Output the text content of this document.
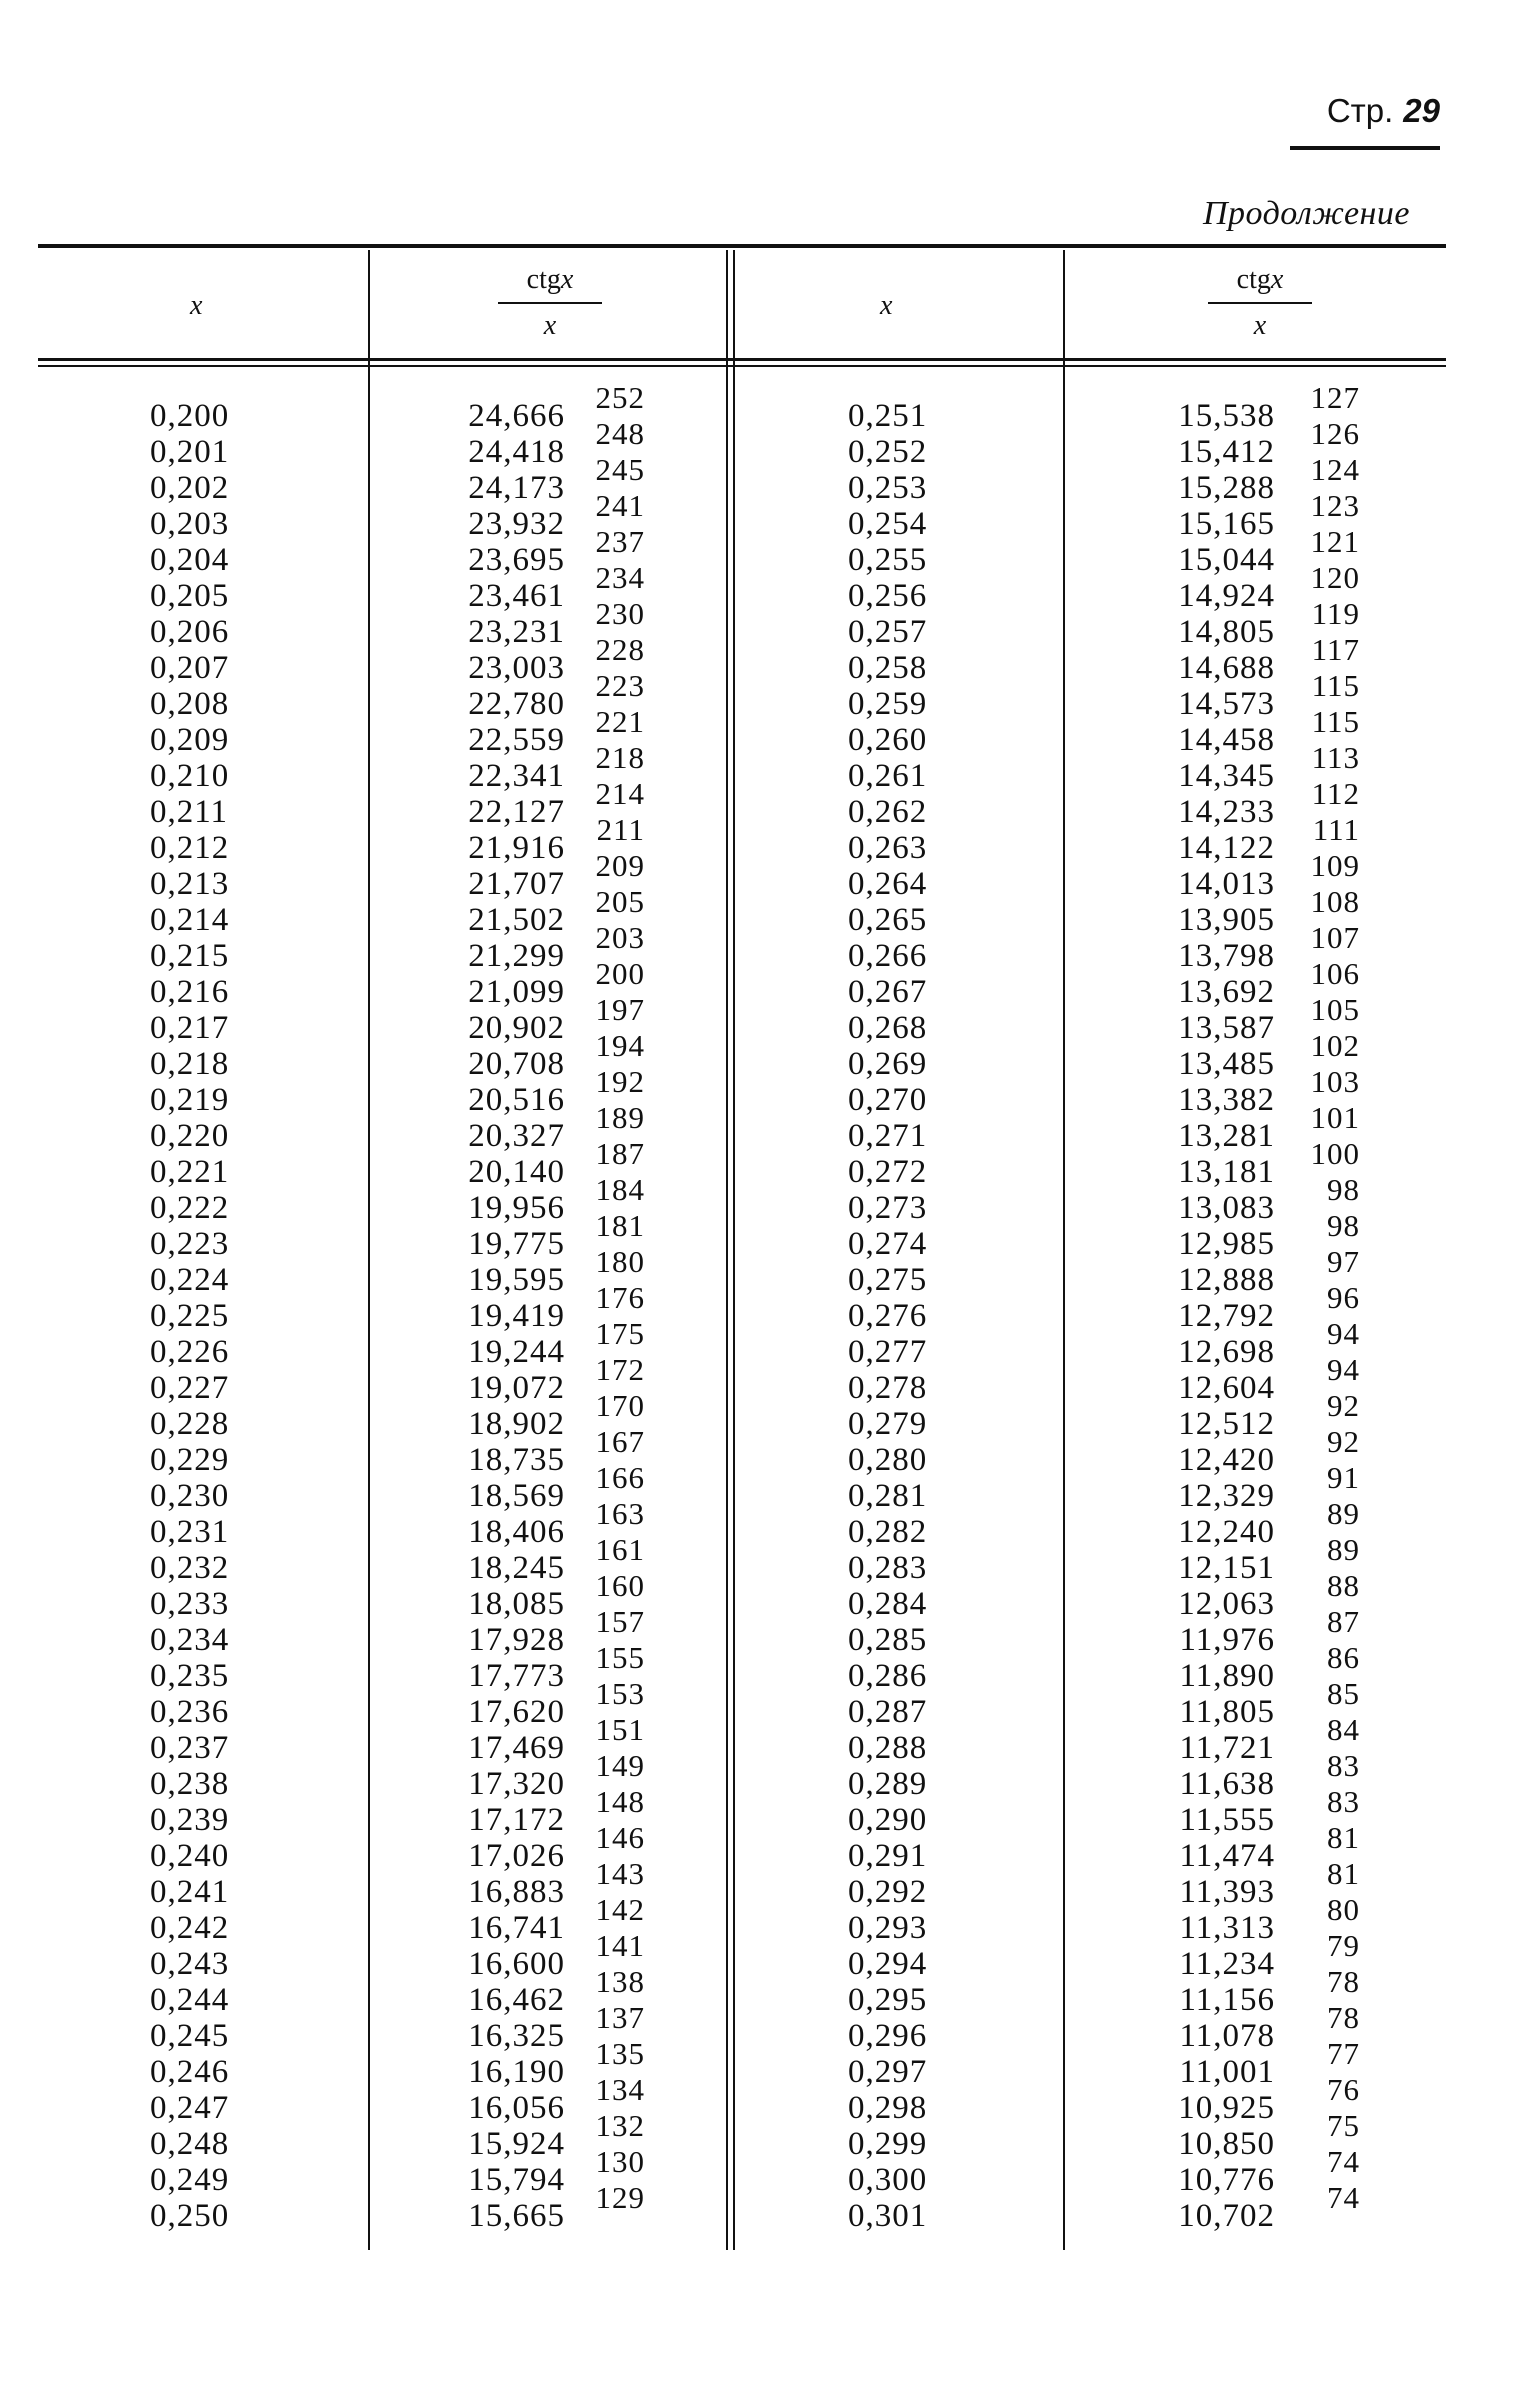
Стр. 29
Продолжение
x
ctgx
x
x
ctgx
x
0,200
0,201
0,202
0,203
0,204
0,205
0,206
0,207
0,208
0,209
0,210
0,211
0,212
0,213
0,214
0,215
0,216
0,217
0,218
0,219
0,220
0,221
0,222
0,223
0,224
0,225
0,226
0,227
0,228
0,229
0,230
0,231
0,232
0,233
0,234
0,235
0,236
0,237
0,238
0,239
0,240
0,241
0,242
0,243
0,244
0,245
0,246
0,247
0,248
0,249
0,250
24,666
24,418
24,173
23,932
23,695
23,461
23,231
23,003
22,780
22,559
22,341
22,127
21,916
21,707
21,502
21,299
21,099
20,902
20,708
20,516
20,327
20,140
19,956
19,775
19,595
19,419
19,244
19,072
18,902
18,735
18,569
18,406
18,245
18,085
17,928
17,773
17,620
17,469
17,320
17,172
17,026
16,883
16,741
16,600
16,462
16,325
16,190
16,056
15,924
15,794
15,665
252
248
245
241
237
234
230
228
223
221
218
214
211
209
205
203
200
197
194
192
189
187
184
181
180
176
175
172
170
167
166
163
161
160
157
155
153
151
149
148
146
143
142
141
138
137
135
134
132
130
129
0,251
0,252
0,253
0,254
0,255
0,256
0,257
0,258
0,259
0,260
0,261
0,262
0,263
0,264
0,265
0,266
0,267
0,268
0,269
0,270
0,271
0,272
0,273
0,274
0,275
0,276
0,277
0,278
0,279
0,280
0,281
0,282
0,283
0,284
0,285
0,286
0,287
0,288
0,289
0,290
0,291
0,292
0,293
0,294
0,295
0,296
0,297
0,298
0,299
0,300
0,301
15,538
15,412
15,288
15,165
15,044
14,924
14,805
14,688
14,573
14,458
14,345
14,233
14,122
14,013
13,905
13,798
13,692
13,587
13,485
13,382
13,281
13,181
13,083
12,985
12,888
12,792
12,698
12,604
12,512
12,420
12,329
12,240
12,151
12,063
11,976
11,890
11,805
11,721
11,638
11,555
11,474
11,393
11,313
11,234
11,156
11,078
11,001
10,925
10,850
10,776
10,702
127
126
124
123
121
120
119
117
115
115
113
112
111
109
108
107
106
105
102
103
101
100
98
98
97
96
94
94
92
92
91
89
89
88
87
86
85
84
83
83
81
81
80
79
78
78
77
76
75
74
74
